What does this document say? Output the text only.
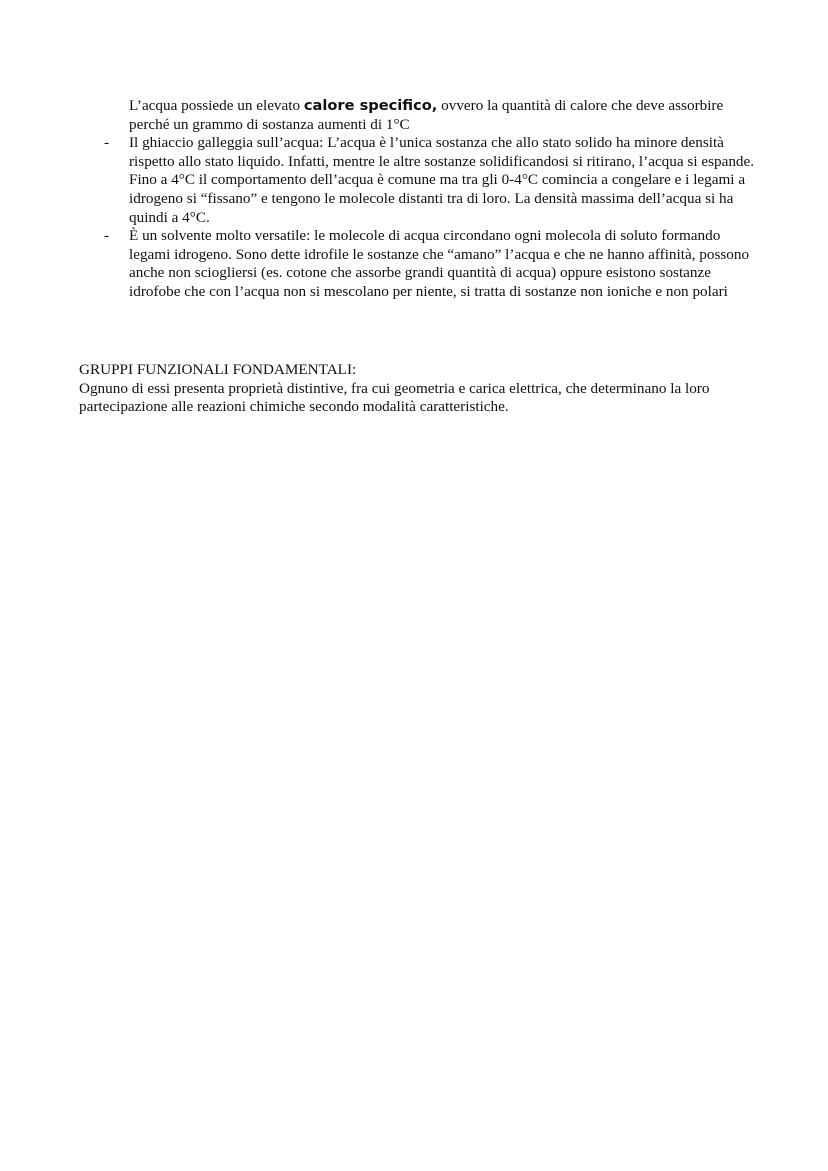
L’acqua possiede un elevato calore specifico, ovvero la quantità di calore che deve assorbire perché un grammo di sostanza aumenti di 1°C
-	Il ghiaccio galleggia sull’acqua: L’acqua è l’unica sostanza che allo stato solido ha minore densità rispetto allo stato liquido. Infatti, mentre le altre sostanze solidificandosi si ritirano, l’acqua si espande. Fino a 4°C il comportamento dell’acqua è comune ma tra gli 0-4°C comincia a congelare e i legami a idrogeno si “fissano” e tengono le molecole distanti tra di loro. La densità massima dell’acqua si ha quindi a 4°C.
-	È un solvente molto versatile: le molecole di acqua circondano ogni molecola di soluto formando legami idrogeno. Sono dette idrofile le sostanze che “amano” l’acqua e che ne hanno affinità, possono anche non sciogliersi (es. cotone che assorbe grandi quantità di acqua) oppure esistono sostanze idrofobe che con l’acqua non si mescolano per niente, si tratta di sostanze non ioniche e non polari

GRUPPI FUNZIONALI FONDAMENTALI:

Ognuno di essi presenta proprietà distintive, fra cui geometria e carica elettrica, che determinano la loro partecipazione alle reazioni chimiche secondo modalità caratteristiche.
